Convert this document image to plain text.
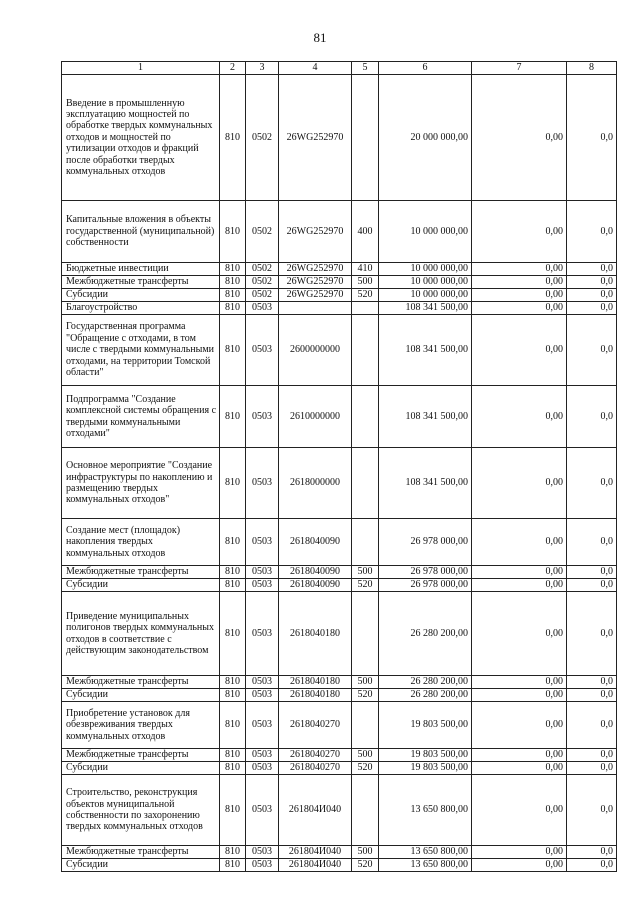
81
1	2	3	4	5	6	7	8
Введение в промышленную эксплуатацию мощностей по обработке твердых коммунальных отходов и мощностей по утилизации отходов и фракций после обработки твердых коммунальных отходов	810	0502	26WG252970		20 000 000,00	0,00	0,0
Капитальные вложения в объекты государственной (муниципальной) собственности	810	0502	26WG252970	400	10 000 000,00	0,00	0,0
Бюджетные инвестиции	810	0502	26WG252970	410	10 000 000,00	0,00	0,0
Межбюджетные трансферты	810	0502	26WG252970	500	10 000 000,00	0,00	0,0
Субсидии	810	0502	26WG252970	520	10 000 000,00	0,00	0,0
Благоустройство	810	0503			108 341 500,00	0,00	0,0
Государственная программа "Обращение с отходами, в том числе с твердыми коммунальными отходами, на территории Томской области"	810	0503	2600000000		108 341 500,00	0,00	0,0
Подпрограмма "Создание комплексной системы обращения с твердыми коммунальными отходами"	810	0503	2610000000		108 341 500,00	0,00	0,0
Основное мероприятие "Создание инфраструктуры по накоплению и размещению твердых коммунальных отходов"	810	0503	2618000000		108 341 500,00	0,00	0,0
Создание мест (площадок) накопления твердых коммунальных отходов	810	0503	2618040090		26 978 000,00	0,00	0,0
Межбюджетные трансферты	810	0503	2618040090	500	26 978 000,00	0,00	0,0
Субсидии	810	0503	2618040090	520	26 978 000,00	0,00	0,0
Приведение муниципальных полигонов твердых коммунальных отходов в соответствие с действующим законодательством	810	0503	2618040180		26 280 200,00	0,00	0,0
Межбюджетные трансферты	810	0503	2618040180	500	26 280 200,00	0,00	0,0
Субсидии	810	0503	2618040180	520	26 280 200,00	0,00	0,0
Приобретение установок для обезвреживания твердых коммунальных отходов	810	0503	2618040270		19 803 500,00	0,00	0,0
Межбюджетные трансферты	810	0503	2618040270	500	19 803 500,00	0,00	0,0
Субсидии	810	0503	2618040270	520	19 803 500,00	0,00	0,0
Строительство, реконструкция объектов муниципальной собственности по захоронению твердых коммунальных отходов	810	0503	261804И040		13 650 800,00	0,00	0,0
Межбюджетные трансферты	810	0503	261804И040	500	13 650 800,00	0,00	0,0
Субсидии	810	0503	261804И040	520	13 650 800,00	0,00	0,0
